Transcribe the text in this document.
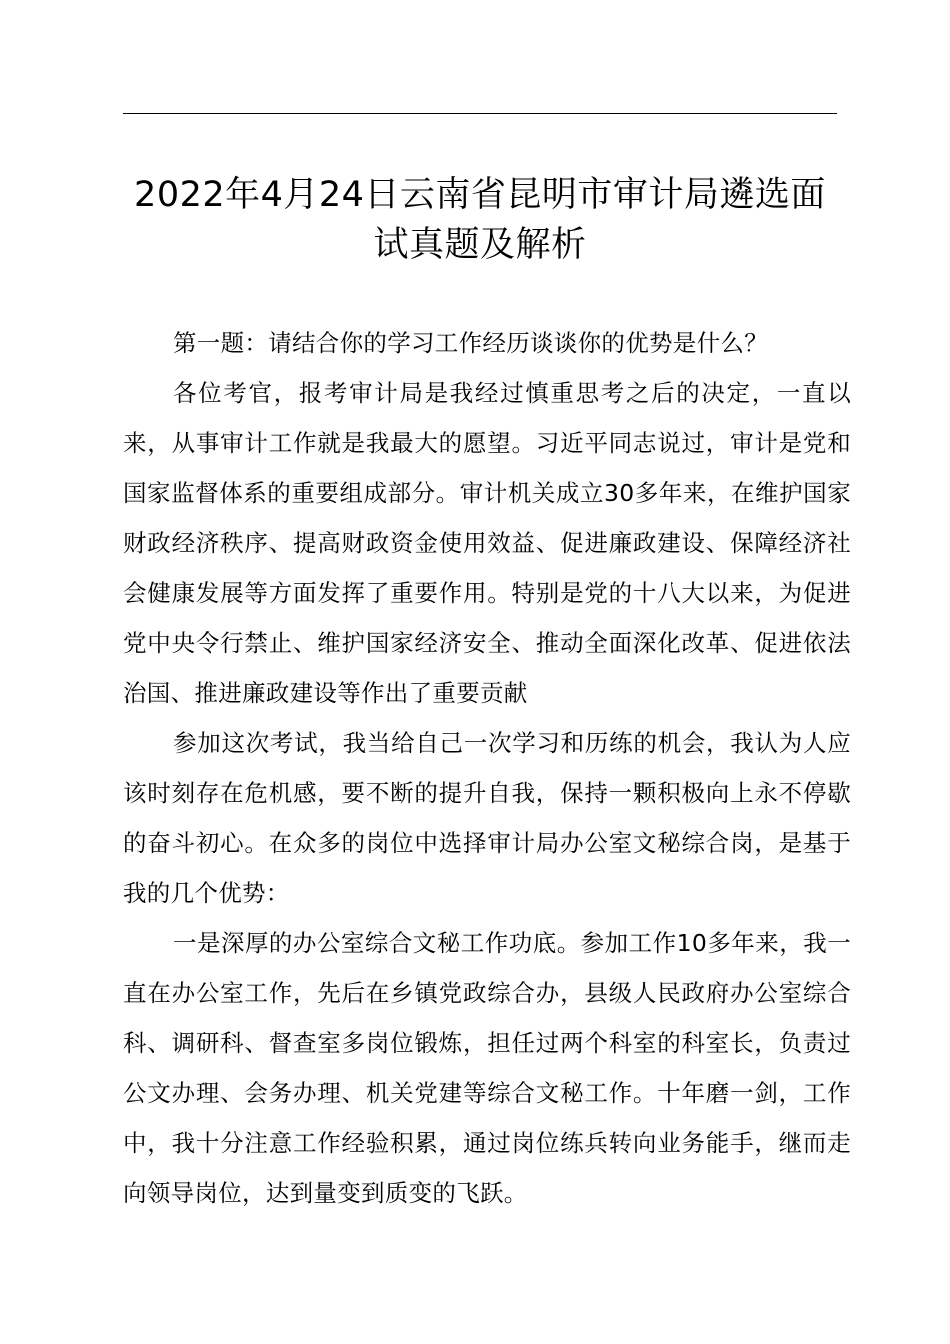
2022年4月24日云南省昆明市审计局遴选面试真题及解析

第一题：请结合你的学习工作经历谈谈你的优势是什么？

各位考官，报考审计局是我经过慎重思考之后的决定，一直以来，从事审计工作就是我最大的愿望。习近平同志说过，审计是党和国家监督体系的重要组成部分。审计机关成立30多年来，在维护国家财政经济秩序、提高财政资金使用效益、促进廉政建设、保障经济社会健康发展等方面发挥了重要作用。特别是党的十八大以来，为促进党中央令行禁止、维护国家经济安全、推动全面深化改革、促进依法治国、推进廉政建设等作出了重要贡献

参加这次考试，我当给自己一次学习和历练的机会，我认为人应该时刻存在危机感，要不断的提升自我，保持一颗积极向上永不停歇的奋斗初心。在众多的岗位中选择审计局办公室文秘综合岗，是基于我的几个优势：

一是深厚的办公室综合文秘工作功底。参加工作10多年来，我一直在办公室工作，先后在乡镇党政综合办，县级人民政府办公室综合科、调研科、督查室多岗位锻炼，担任过两个科室的科室长，负责过公文办理、会务办理、机关党建等综合文秘工作。十年磨一剑，工作中，我十分注意工作经验积累，通过岗位练兵转向业务能手，继而走向领导岗位，达到量变到质变的飞跃。
